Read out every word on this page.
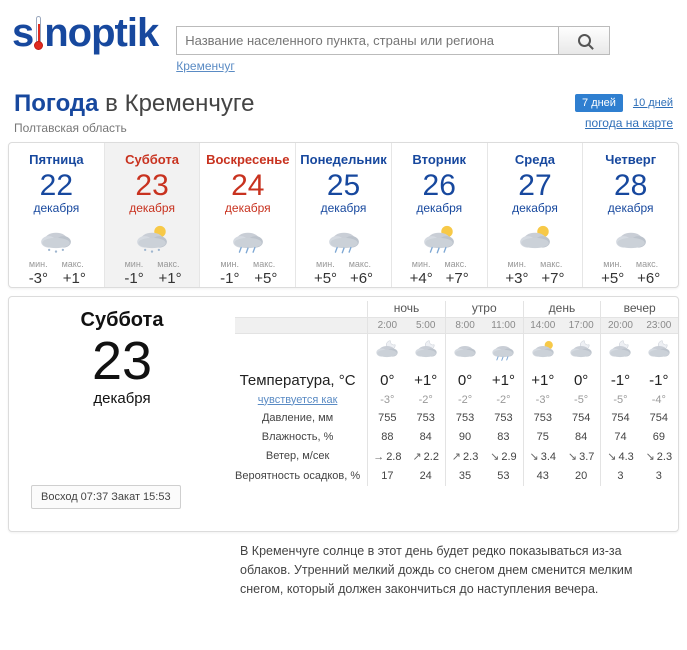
s noptik
Название населенного пункта, страны или региона
Кременчуг
Погода в Кременчуге
Полтавская область
7 дней	10 дней
погода на карте
Пятница
22
декабря
мин. макс.
-3° +1°
Суббота
23
декабря
мин. макс.
-1° +1°
Воскресенье
24
декабря
мин. макс.
-1° +5°
Понедельник
25
декабря
мин. макс.
+5° +6°
Вторник
26
декабря
мин. макс.
+4° +7°
Среда
27
декабря
мин. макс.
+3° +7°
Четверг
28
декабря
мин. макс.
+5° +6°
Суббота
23
декабря
Восход 07:37 Закат 15:53
	ночь		утро		день		вечер	
	2:00	5:00	8:00	11:00	14:00	17:00	20:00	23:00

Температура, °C	0°	+1°	0°	+1°	+1°	0°	-1°	-1°
чувствуется как	-3°	-2°	-2°	-2°	-3°	-5°	-5°	-4°
Давление, мм	755	753	753	753	753	754	754	754
Влажность, %	88	84	90	83	75	84	74	69
Ветер, м/сек	→ 2.8	↗ 2.2	↗ 2.3	↘ 2.9	↘ 3.4	↘ 3.7	↘ 4.3	↘ 2.3
Вероятность осадков, %	17	24	35	53	43	20	3	3
В Кременчуге солнце в этот день будет редко показываться из-за облаков. Утренний мелкий дождь со снегом днем сменится мелким снегом, который должен закончиться до наступления вечера.
